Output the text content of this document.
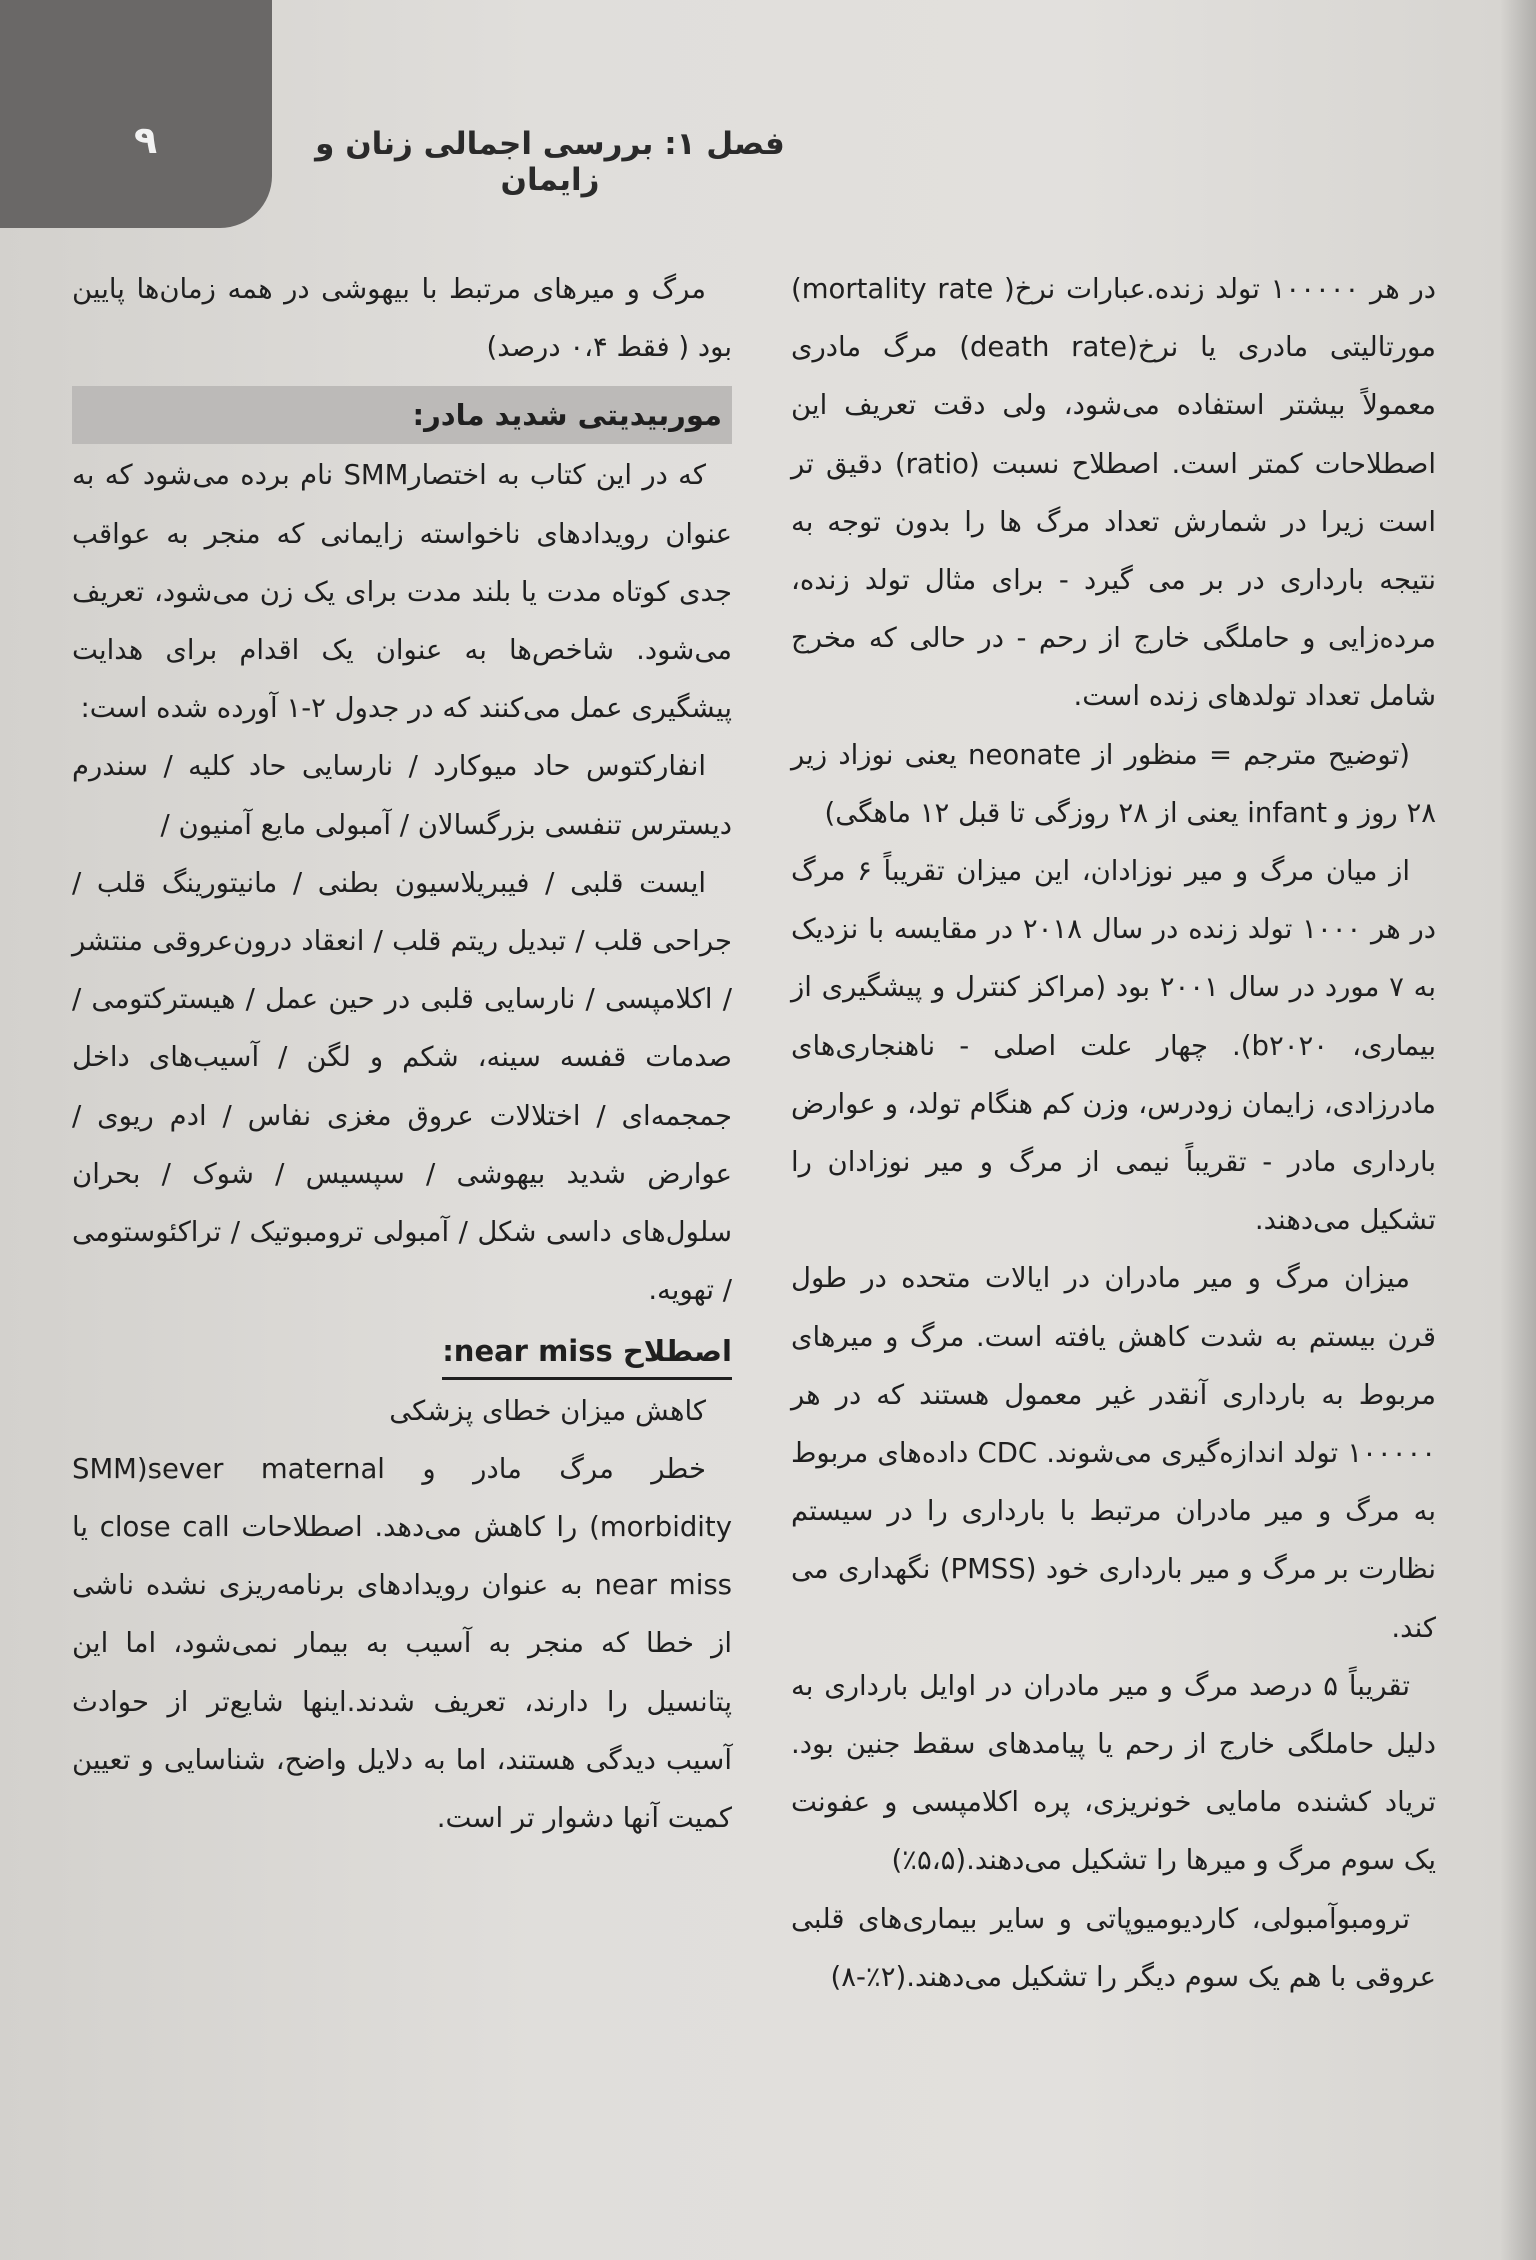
۹	فصل ۱: بررسی اجمالی زنان و زایمان

در هر ۱۰۰۰۰۰ تولد زنده.عبارات نرخ( mortality rate) مورتالیتی مادری یا نرخ(death rate) مرگ مادری معمولاً بیشتر استفاده می‌شود، ولی دقت تعریف این اصطلاحات کمتر است. اصطلاح نسبت (ratio) دقیق تر است زیرا در شمارش تعداد مرگ ها را بدون توجه به نتیجه بارداری در بر می گیرد - برای مثال تولد زنده، مرده‌زایی و حاملگی خارج از رحم - در حالی که مخرج شامل تعداد تولدهای زنده است.

(توضیح مترجم = منظور از neonate یعنی نوزاد زیر ۲۸ روز و infant یعنی از ۲۸ روزگی تا قبل ۱۲ ماهگی)

از میان مرگ و میر نوزادان، این میزان تقریباً ۶ مرگ در هر ۱۰۰۰ تولد زنده در سال ۲۰۱۸ در مقایسه با نزدیک به ۷ مورد در سال ۲۰۰۱ بود (مراکز کنترل و پیشگیری از بیماری، b۲۰۲۰). چهار علت اصلی - ناهنجاری‌های مادرزادی، زایمان زودرس، وزن کم هنگام تولد، و عوارض بارداری مادر - تقریباً نیمی از مرگ و میر نوزادان را تشکیل می‌دهند.

میزان مرگ و میر مادران در ایالات متحده در طول قرن بیستم به شدت کاهش یافته است. مرگ و میرهای مربوط به بارداری آنقدر غیر معمول هستند که در هر ۱۰۰۰۰۰ تولد اندازه‌گیری می‌شوند. CDC داده‌های مربوط به مرگ و میر مادران مرتبط با بارداری را در سیستم نظارت بر مرگ و میر بارداری خود (PMSS) نگهداری می کند.

تقریباً ۵ درصد مرگ و میر مادران در اوایل بارداری به دلیل حاملگی خارج از رحم یا پیامدهای سقط جنین بود. تریاد کشنده مامایی خونریزی، پره اکلامپسی و عفونت یک سوم مرگ و میرها را تشکیل می‌دهند.(۵،۵٪)

ترومبوآمبولی، کاردیومیوپاتی و سایر بیماری‌های قلبی عروقی با هم یک سوم دیگر را تشکیل می‌دهند.(۲٪-۸)

مرگ و میرهای مرتبط با بیهوشی در همه زمان‌ها پایین بود ( فقط ۰،۴ درصد)

موربیدیتی شدید مادر:

که در این کتاب به اختصارSMM نام برده می‌شود که به عنوان رویدادهای ناخواسته زایمانی که منجر به عواقب جدی کوتاه مدت یا بلند مدت برای یک زن می‌شود، تعریف می‌شود. شاخص‌ها به عنوان یک اقدام برای هدایت پیشگیری عمل می‌کنند که در جدول ۲-۱ آورده شده است:

انفارکتوس حاد میوکارد / نارسایی حاد کلیه / سندرم دیسترس تنفسی بزرگسالان / آمبولی مایع آمنیون /

ایست قلبی / فیبریلاسیون بطنی / مانیتورینگ قلب / جراحی قلب / تبدیل ریتم قلب / انعقاد درون‌عروقی منتشر / اکلامپسی / نارسایی قلبی در حین عمل / هیسترکتومی / صدمات قفسه سینه، شکم و لگن / آسیب‌های داخل جمجمه‌ای / اختلالات عروق مغزی نفاس / ادم ریوی / عوارض شدید بیهوشی / سپسیس / شوک / بحران سلول‌های داسی شکل / آمبولی ترومبوتیک / تراکئوستومی / تهویه.

اصطلاح near miss:

کاهش میزان خطای پزشکی

خطر مرگ مادر و SMM)sever maternal morbidity) را کاهش می‌دهد. اصطلاحات close call یا near miss به عنوان رویدادهای برنامه‌ریزی نشده ناشی از خطا که منجر به آسیب به بیمار نمی‌شود، اما این پتانسیل را دارند، تعریف شدند.اینها شایع‌تر از حوادث آسیب دیدگی هستند، اما به دلایل واضح، شناسایی و تعیین کمیت آنها دشوار تر است.
